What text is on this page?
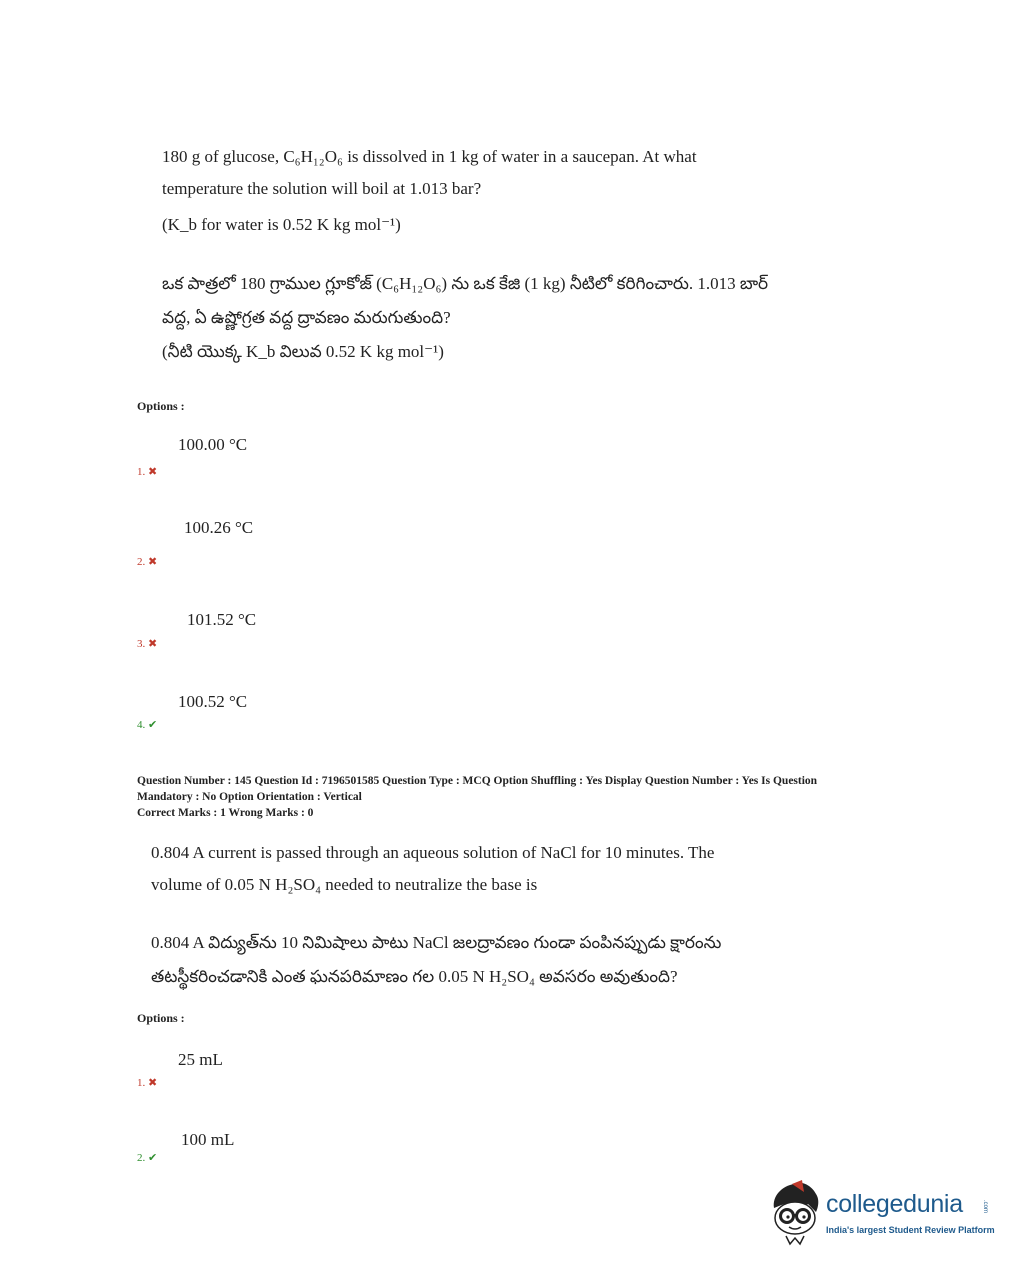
180 g of glucose, C₆H₁₂O₆ is dissolved in 1 kg of water in a saucepan. At what
temperature the solution will boil at 1.013 bar?
(K_b for water is 0.52 K kg mol⁻¹)
ఒక పాత్రలో 180 గ్రాముల గ్లూకోజ్ (C₆H₁₂O₆) ను ఒక కేజి (1 kg) నీటిలో కరిగించారు. 1.013 బార్
వద్ద, ఏ ఉష్ణోగ్రత వద్ద ద్రావణం మరుగుతుంది?
(నీటి యొక్క K_b విలువ 0.52 K kg mol⁻¹)
Options :
100.00 °C
1. ✖
100.26 °C
2. ✖
101.52 °C
3. ✖
100.52 °C
4. ✔
Question Number : 145 Question Id : 7196501585 Question Type : MCQ Option Shuffling : Yes Display Question Number : Yes Is Question
Mandatory : No Option Orientation : Vertical
Correct Marks : 1 Wrong Marks : 0
0.804 A current is passed through an aqueous solution of NaCl for 10 minutes. The
volume of 0.05 N H₂SO₄ needed to neutralize the base is
0.804 A విద్యుత్‌ను 10 నిమిషాలు పాటు NaCl జలద్రావణం గుండా పంపినప్పుడు క్షారంను
తటస్థీకరించడానికి ఎంత ఘనపరిమాణం గల 0.05 N H₂SO₄ అవసరం అవుతుంది?
Options :
25 mL
1. ✖
100 mL
2. ✔
collegedunia	.com
India's largest Student Review Platform
